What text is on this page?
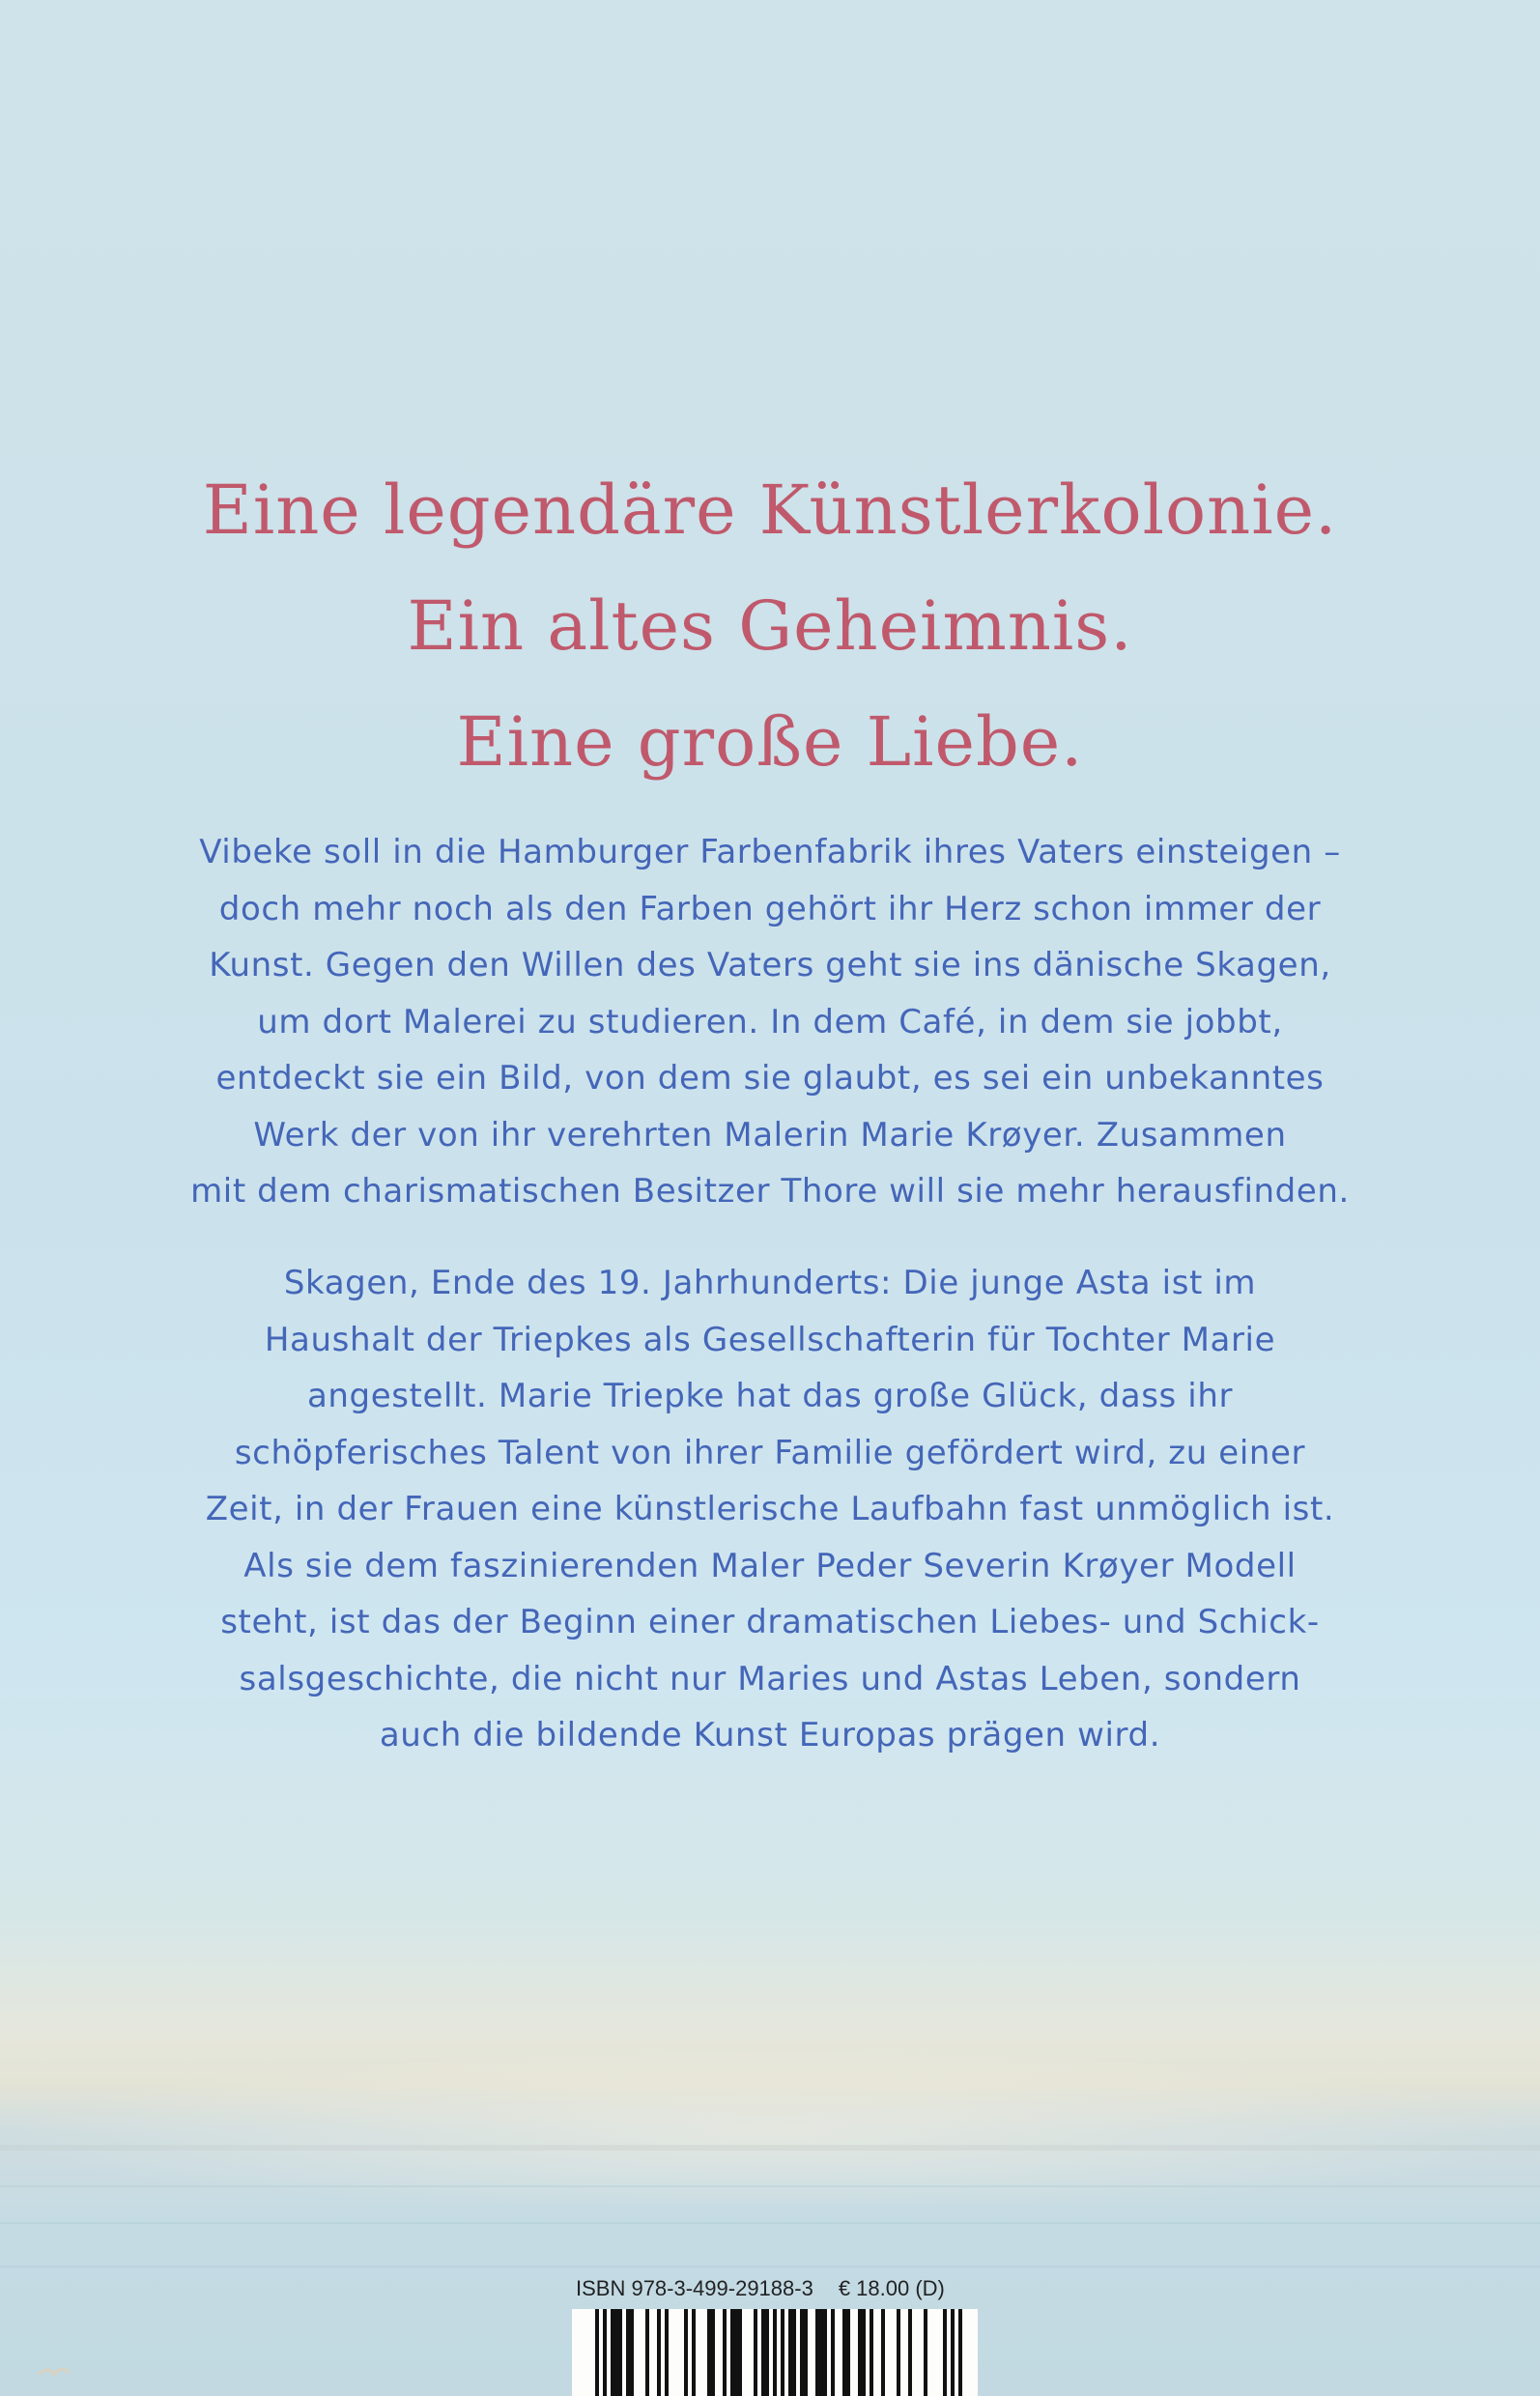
Eine legendäre Künstlerkolonie.
Ein altes Geheimnis.
Eine große Liebe.
Vibeke soll in die Hamburger Farbenfabrik ihres Vaters einsteigen –
doch mehr noch als den Farben gehört ihr Herz schon immer der
Kunst. Gegen den Willen des Vaters geht sie ins dänische Skagen,
um dort Malerei zu studieren. In dem Café, in dem sie jobbt,
entdeckt sie ein Bild, von dem sie glaubt, es sei ein unbekanntes
Werk der von ihr verehrten Malerin Marie Krøyer. Zusammen
mit dem charismatischen Besitzer Thore will sie mehr herausfinden.
Skagen, Ende des 19. Jahrhunderts: Die junge Asta ist im
Haushalt der Triepkes als Gesellschafterin für Tochter Marie
angestellt. Marie Triepke hat das große Glück, dass ihr
schöpferisches Talent von ihrer Familie gefördert wird, zu einer
Zeit, in der Frauen eine künstlerische Laufbahn fast unmöglich ist.
Als sie dem faszinierenden Maler Peder Severin Krøyer Modell
steht, ist das der Beginn einer dramatischen Liebes- und Schick-
salsgeschichte, die nicht nur Maries und Astas Leben, sondern
auch die bildende Kunst Europas prägen wird.
ISBN 978-3-499-29188-3 € 18.00 (D)
